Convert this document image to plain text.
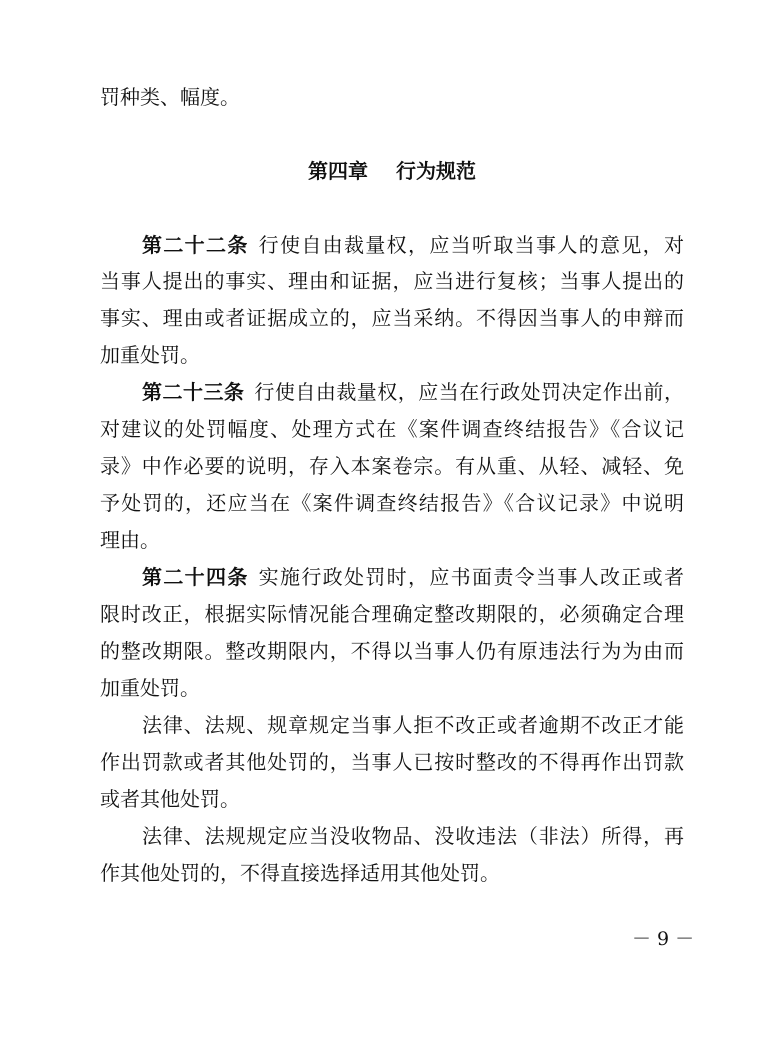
罚种类、幅度。
第四章 行为规范
第二十二条 行使自由裁量权，应当听取当事人的意见，对
当事人提出的事实、理由和证据，应当进行复核；当事人提出的
事实、理由或者证据成立的，应当采纳。不得因当事人的申辩而
加重处罚。
第二十三条 行使自由裁量权，应当在行政处罚决定作出前，
对建议的处罚幅度、处理方式在《案件调查终结报告》《合议记
录》中作必要的说明，存入本案卷宗。有从重、从轻、减轻、免
予处罚的，还应当在《案件调查终结报告》《合议记录》中说明
理由。
第二十四条 实施行政处罚时，应书面责令当事人改正或者
限时改正，根据实际情况能合理确定整改期限的，必须确定合理
的整改期限。整改期限内，不得以当事人仍有原违法行为为由而
加重处罚。
法律、法规、规章规定当事人拒不改正或者逾期不改正才能
作出罚款或者其他处罚的，当事人已按时整改的不得再作出罚款
或者其他处罚。
法律、法规规定应当没收物品、没收违法（非法）所得，再
作其他处罚的，不得直接选择适用其他处罚。
－ 9 －
